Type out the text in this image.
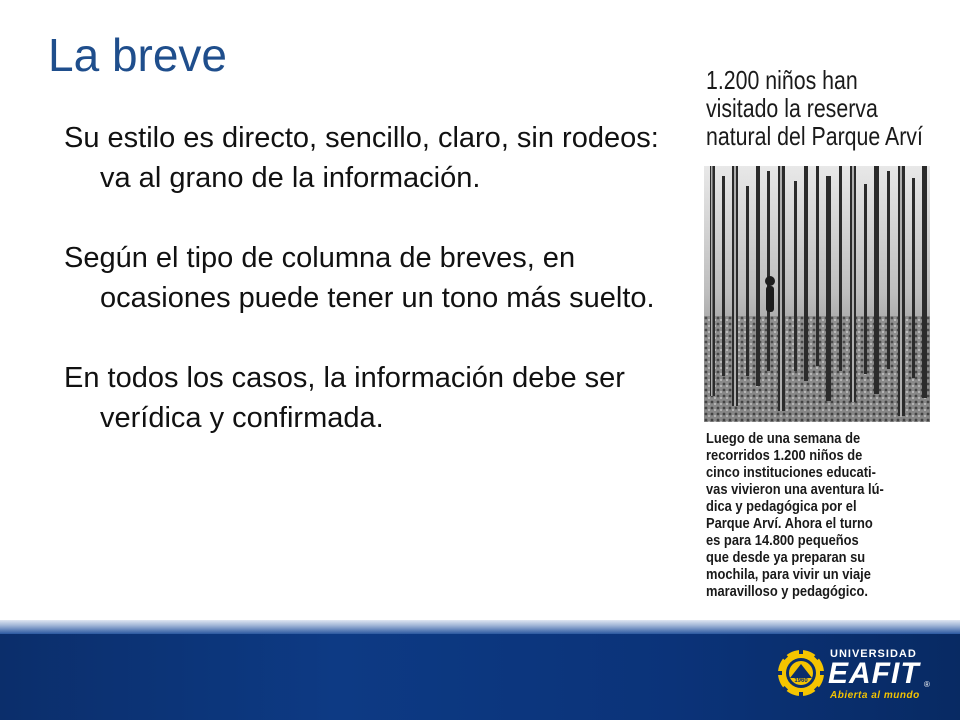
La breve
Su estilo es directo, sencillo, claro, sin rodeos: va al grano de la información.
Según el tipo de columna de breves, en ocasiones puede tener un tono más suelto.
En todos los casos, la información debe ser verídica y confirmada.
1.200 niños han
visitado la reserva
natural del Parque Arví
Luego de una semana de
recorridos 1.200 niños de
cinco instituciones educati-
vas vivieron una aventura lú-
dica y pedagógica por el
Parque Arví. Ahora el turno
es para 14.800 pequeños
que desde ya preparan su
mochila, para vivir un viaje
maravilloso y pedagógico.
1960
UNIVERSIDAD
EAFIT ®
Abierta al mundo
